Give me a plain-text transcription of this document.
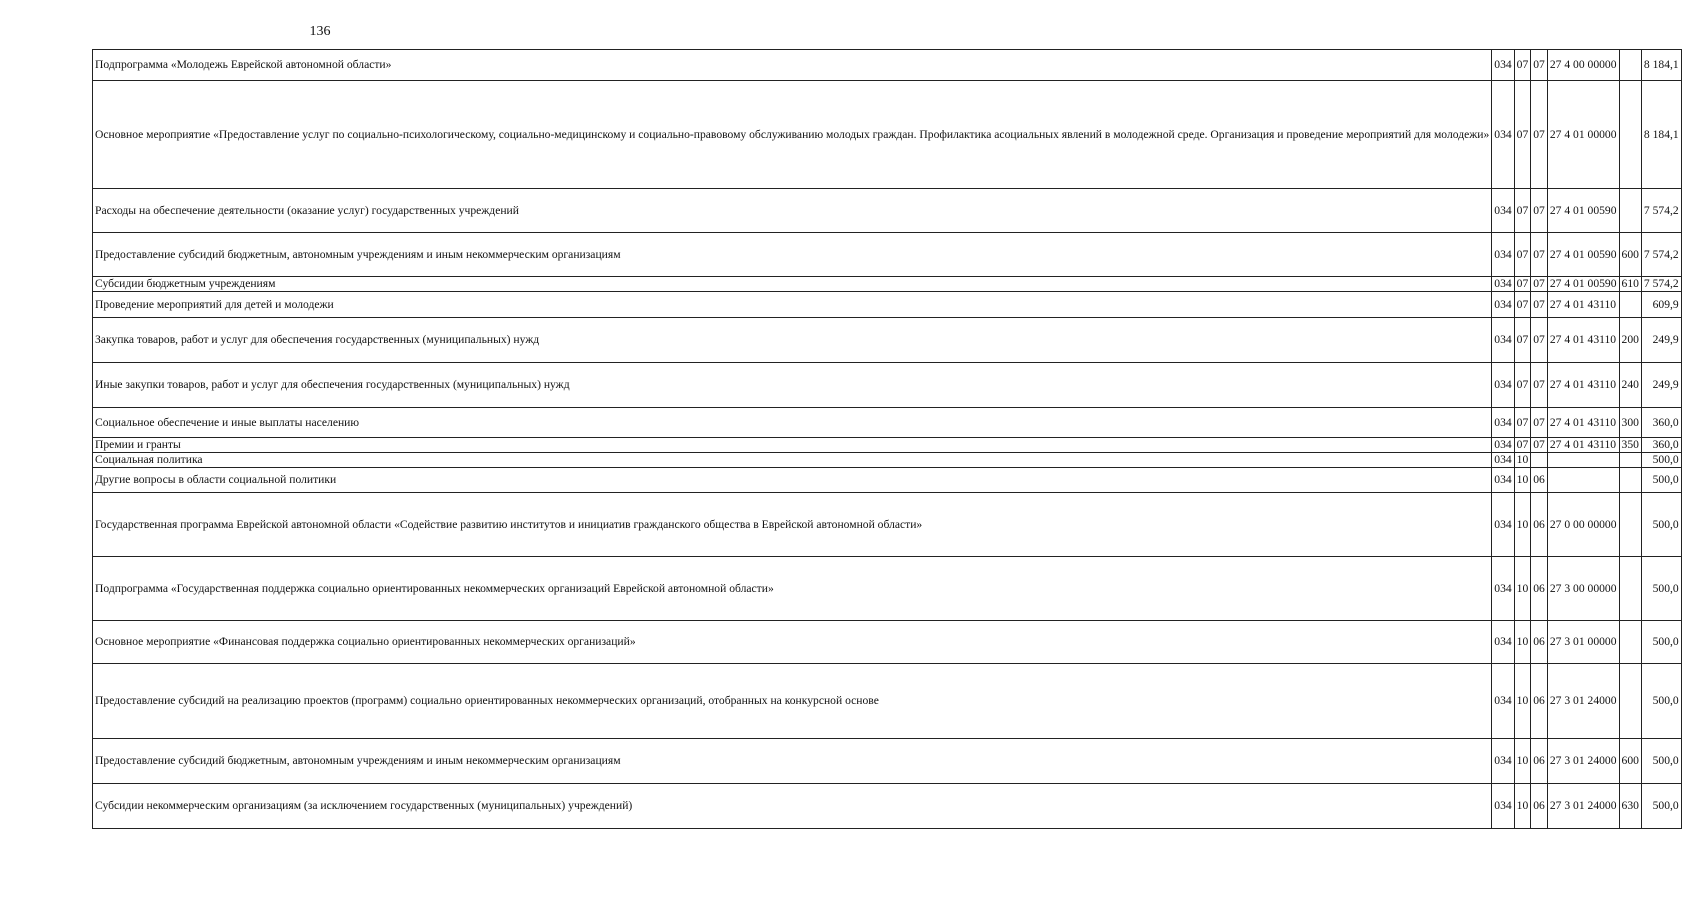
136
Подпрограмма «Молодежь Еврейской автономной области»	034	07	07	27 4 00 00000		8 184,1
Основное мероприятие «Предоставление услуг по социально-психологическому, социально-медицинскому и социально-правовому обслуживанию молодых граждан. Профилактика асоциальных явлений в молодежной среде. Организация и проведение мероприятий для молодежи»	034	07	07	27 4 01 00000		8 184,1
Расходы на обеспечение деятельности (оказание услуг) государственных учреждений	034	07	07	27 4 01 00590		7 574,2
Предоставление субсидий бюджетным, автономным учреждениям и иным некоммерческим организациям	034	07	07	27 4 01 00590	600	7 574,2
Субсидии бюджетным учреждениям	034	07	07	27 4 01 00590	610	7 574,2
Проведение мероприятий для детей и молодежи	034	07	07	27 4 01 43110		609,9
Закупка товаров, работ и услуг для обеспечения государственных (муниципальных) нужд	034	07	07	27 4 01 43110	200	249,9
Иные закупки товаров, работ и услуг для обеспечения государственных (муниципальных) нужд	034	07	07	27 4 01 43110	240	249,9
Социальное обеспечение и иные выплаты населению	034	07	07	27 4 01 43110	300	360,0
Премии и гранты	034	07	07	27 4 01 43110	350	360,0
Социальная политика	034	10				500,0
Другие вопросы в области социальной политики	034	10	06			500,0
Государственная программа Еврейской автономной области «Содействие развитию институтов и инициатив гражданского общества в Еврейской автономной области»	034	10	06	27 0 00 00000		500,0
Подпрограмма «Государственная поддержка социально ориентированных некоммерческих организаций Еврейской автономной области»	034	10	06	27 3 00 00000		500,0
Основное мероприятие «Финансовая поддержка социально ориентированных некоммерческих организаций»	034	10	06	27 3 01 00000		500,0
Предоставление субсидий на реализацию проектов (программ) социально ориентированных некоммерческих организаций, отобранных на конкурсной основе	034	10	06	27 3 01 24000		500,0
Предоставление субсидий бюджетным, автономным учреждениям и иным некоммерческим организациям	034	10	06	27 3 01 24000	600	500,0
Субсидии некоммерческим организациям (за исключением государственных (муниципальных) учреждений)	034	10	06	27 3 01 24000	630	500,0
